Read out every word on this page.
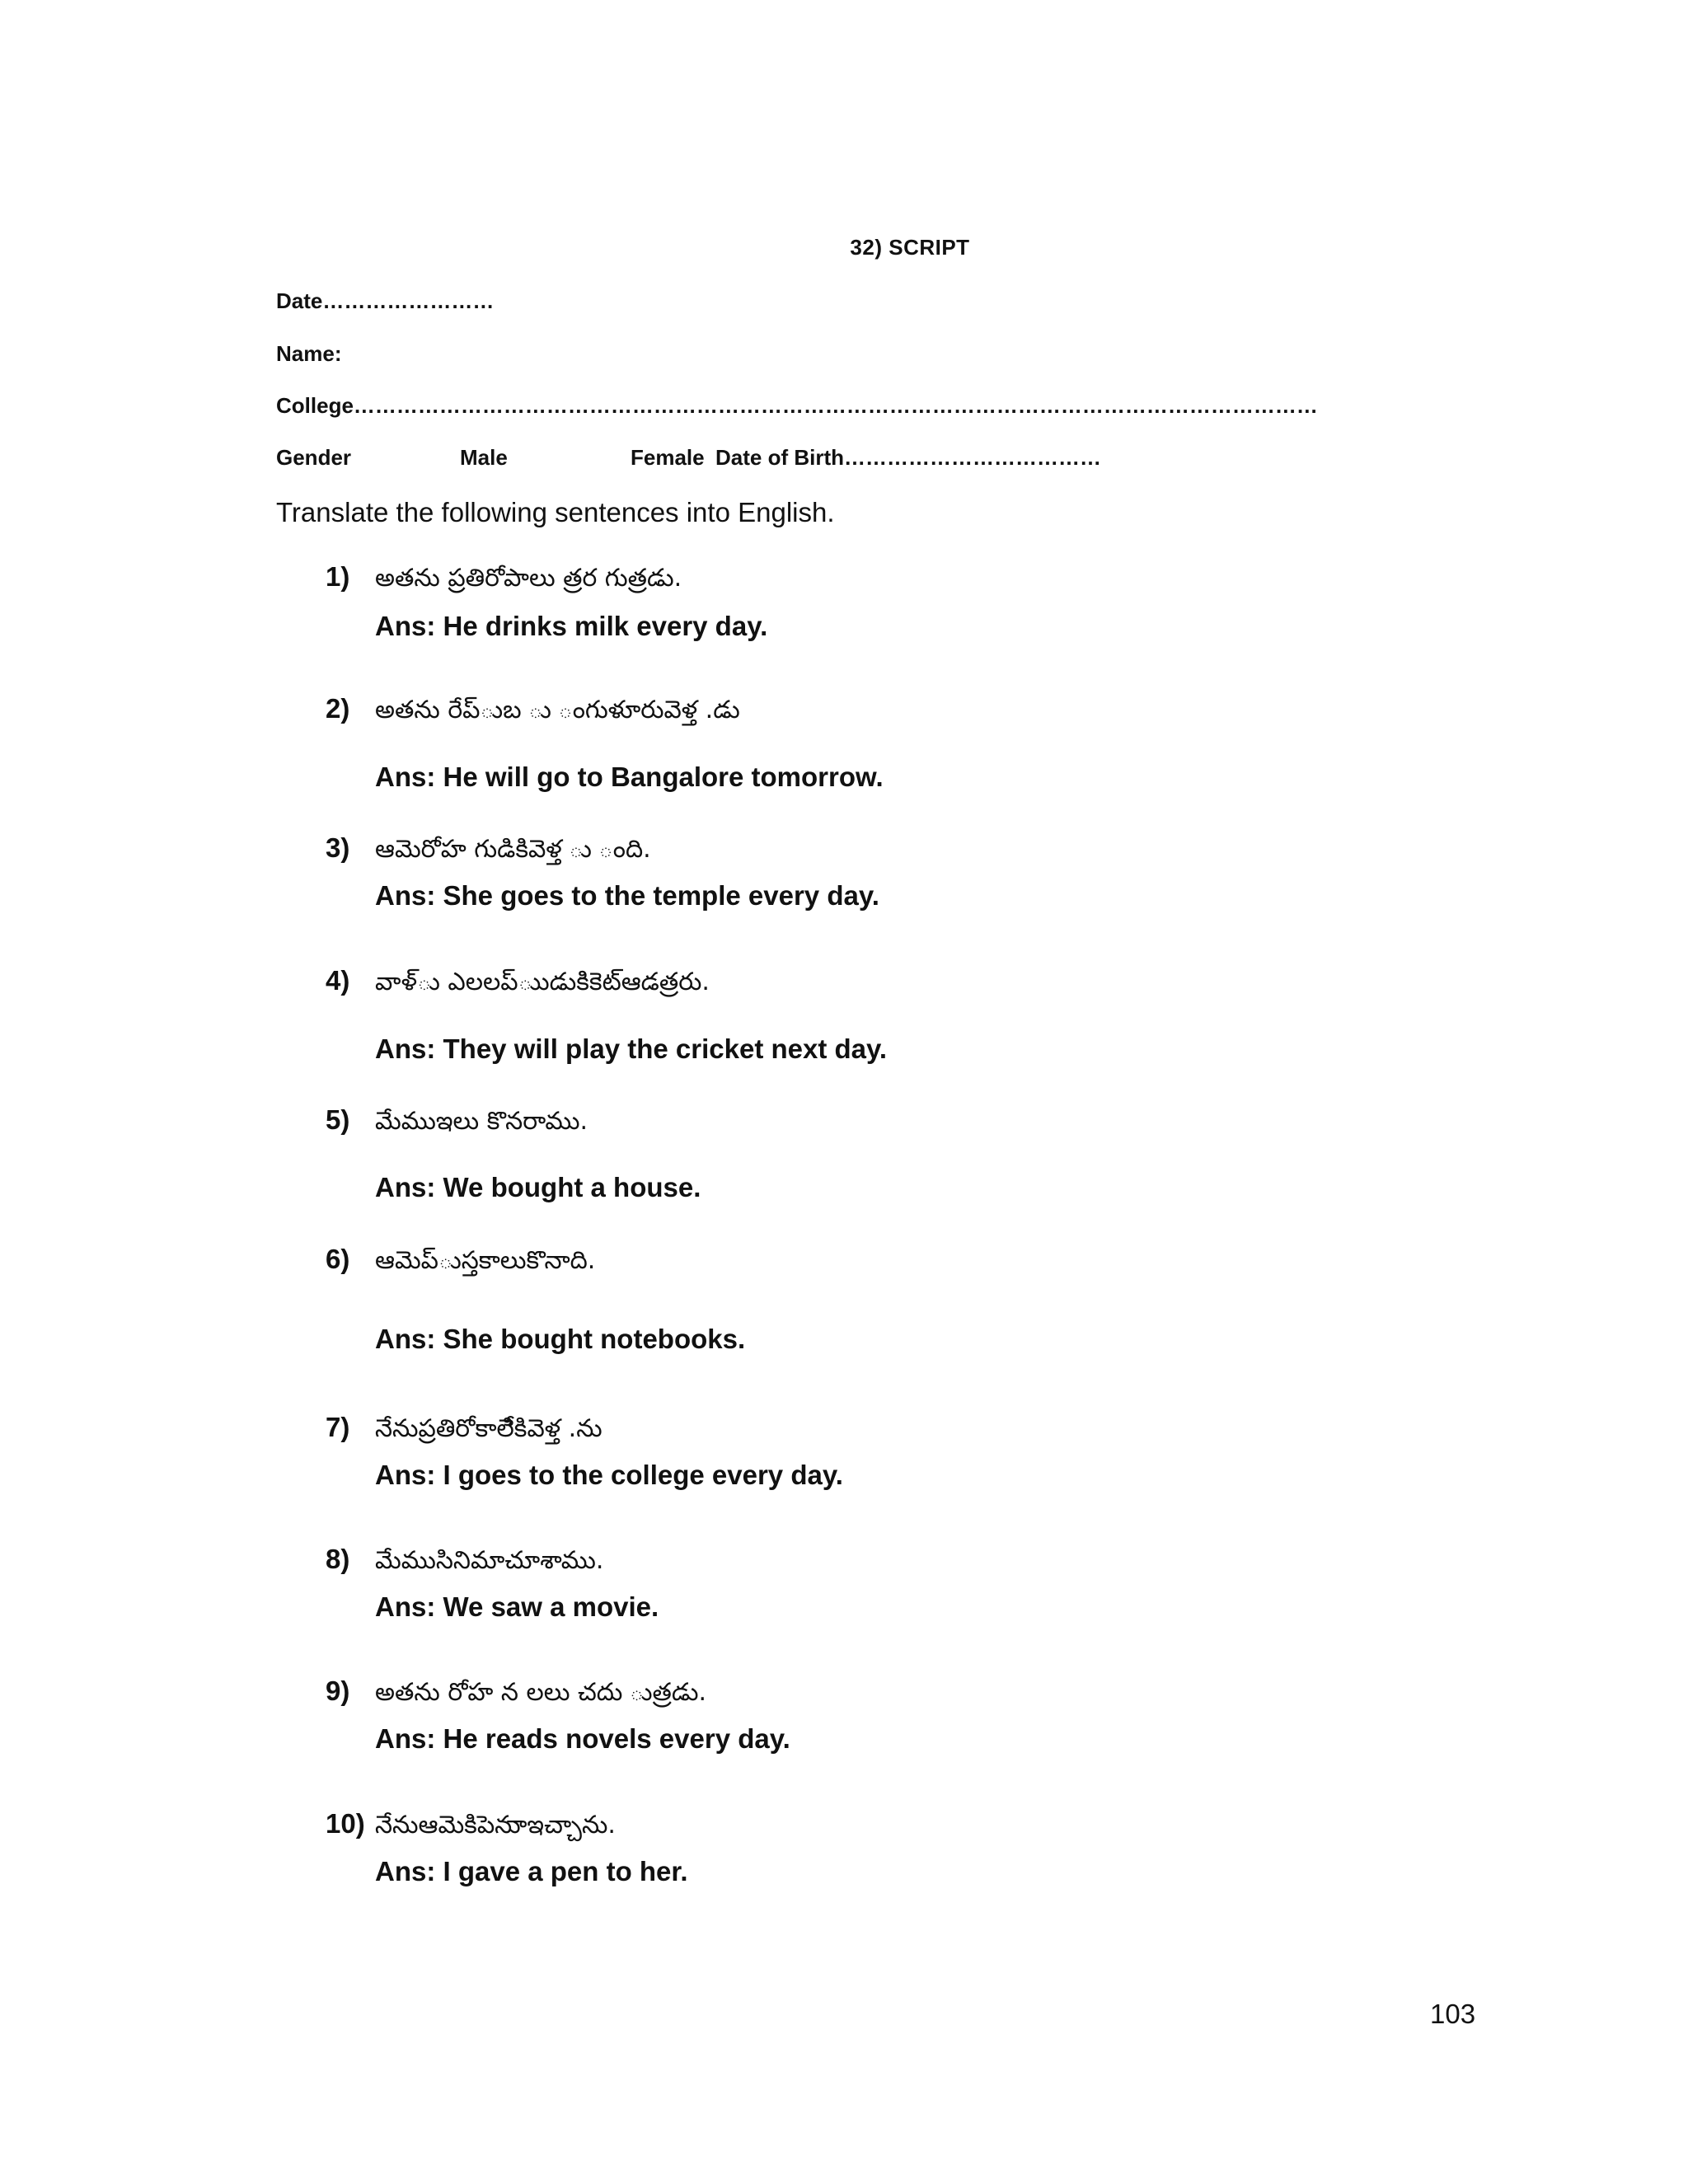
32) SCRIPT
Date……………………
Name:
College………………………………………………………………………………………………………………………
Gender	Male	Female Date of Birth………………………………
Translate the following sentences into English.
1) అతను ప్రతిరోపాలు త్రర గుత్రడు.
Ans: He drinks milk every day.
2) అతను రేప్ుబ ు ంగుళూరువెళ్త .డు
Ans: He will go to Bangalore tomorrow.
3) ఆమెరోహ గుడికివెళ్త ు ంది.
Ans: She goes to the temple every day.
4) వాళ్ు ఎలలప్ుుడుకిికెట్ఆడత్రరు.
Ans: They will play the cricket next day.
5) మేముఇలు కొనరాము.
Ans: We bought a house.
6) ఆమెప్ుస్తకాలుకొనాది.
Ans: She bought notebooks.
7) నేనుప్రతిరోకాలేికివెళ్త .ను
Ans: I goes to the college every day.
8) మేముసినిమాచూశాము.
Ans: We saw a movie.
9) అతను రోహ న లలు చదు ుత్రడు.
Ans: He reads novels every day.
10) నేనుఆమెకిపెనుాఇచ్చాను.
Ans: I gave a pen to her.
103
